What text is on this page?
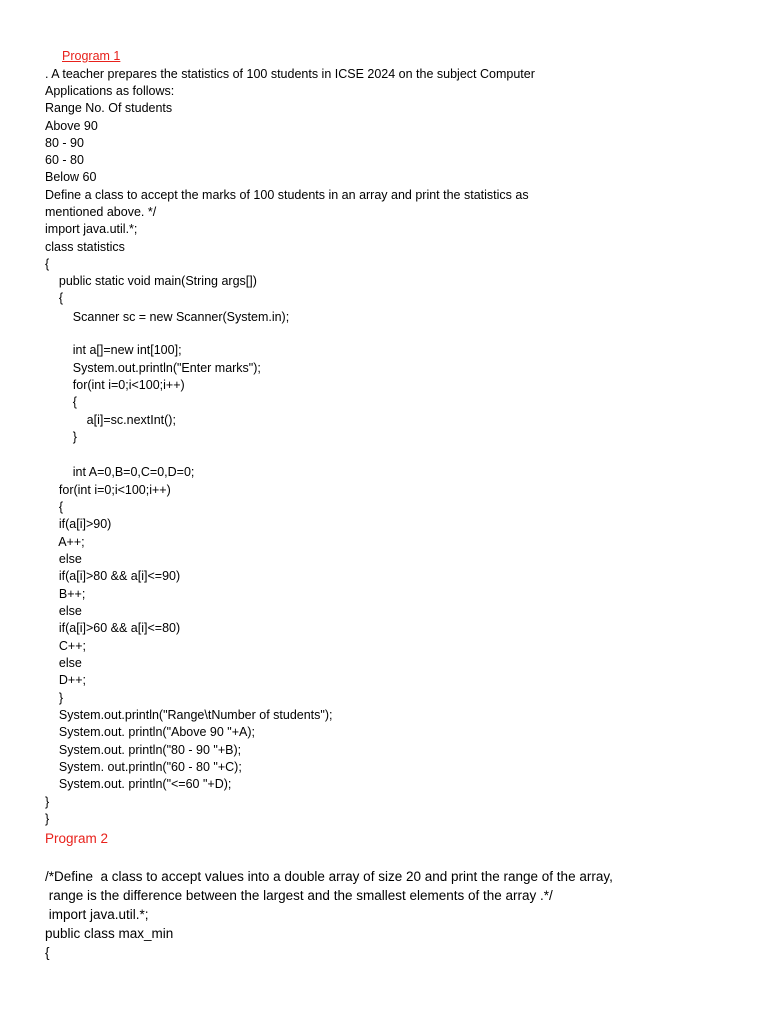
Program 1
. A teacher prepares the statistics of 100 students in ICSE 2024 on the subject Computer
Applications as follows:
Range No. Of students
Above 90
80 - 90
60 - 80
Below 60
Define a class to accept the marks of 100 students in an array and print the statistics as
mentioned above. */
import java.util.*;
class statistics
{
public static void main(String args[])
{
Scanner sc = new Scanner(System.in);
int a[]=new int[100];
System.out.println("Enter marks");
for(int i=0;i<100;i++)
{
a[i]=sc.nextInt();
}
int A=0,B=0,C=0,D=0;
for(int i=0;i<100;i++)
{
if(a[i]>90)
A++;
else
if(a[i]>80 && a[i]<=90)
B++;
else
if(a[i]>60 && a[i]<=80)
C++;
else
D++;
}
System.out.println("Range\tNumber of students");
System.out. println("Above 90 "+A);
System.out. println("80 - 90 "+B);
System. out.println("60 - 80 "+C);
System.out. println("<=60 "+D);
}
}
Program 2
/*Define  a class to accept values into a double array of size 20 and print the range of the array,
range is the difference between the largest and the smallest elements of the array .*/
import java.util.*;
public class max_min
{
